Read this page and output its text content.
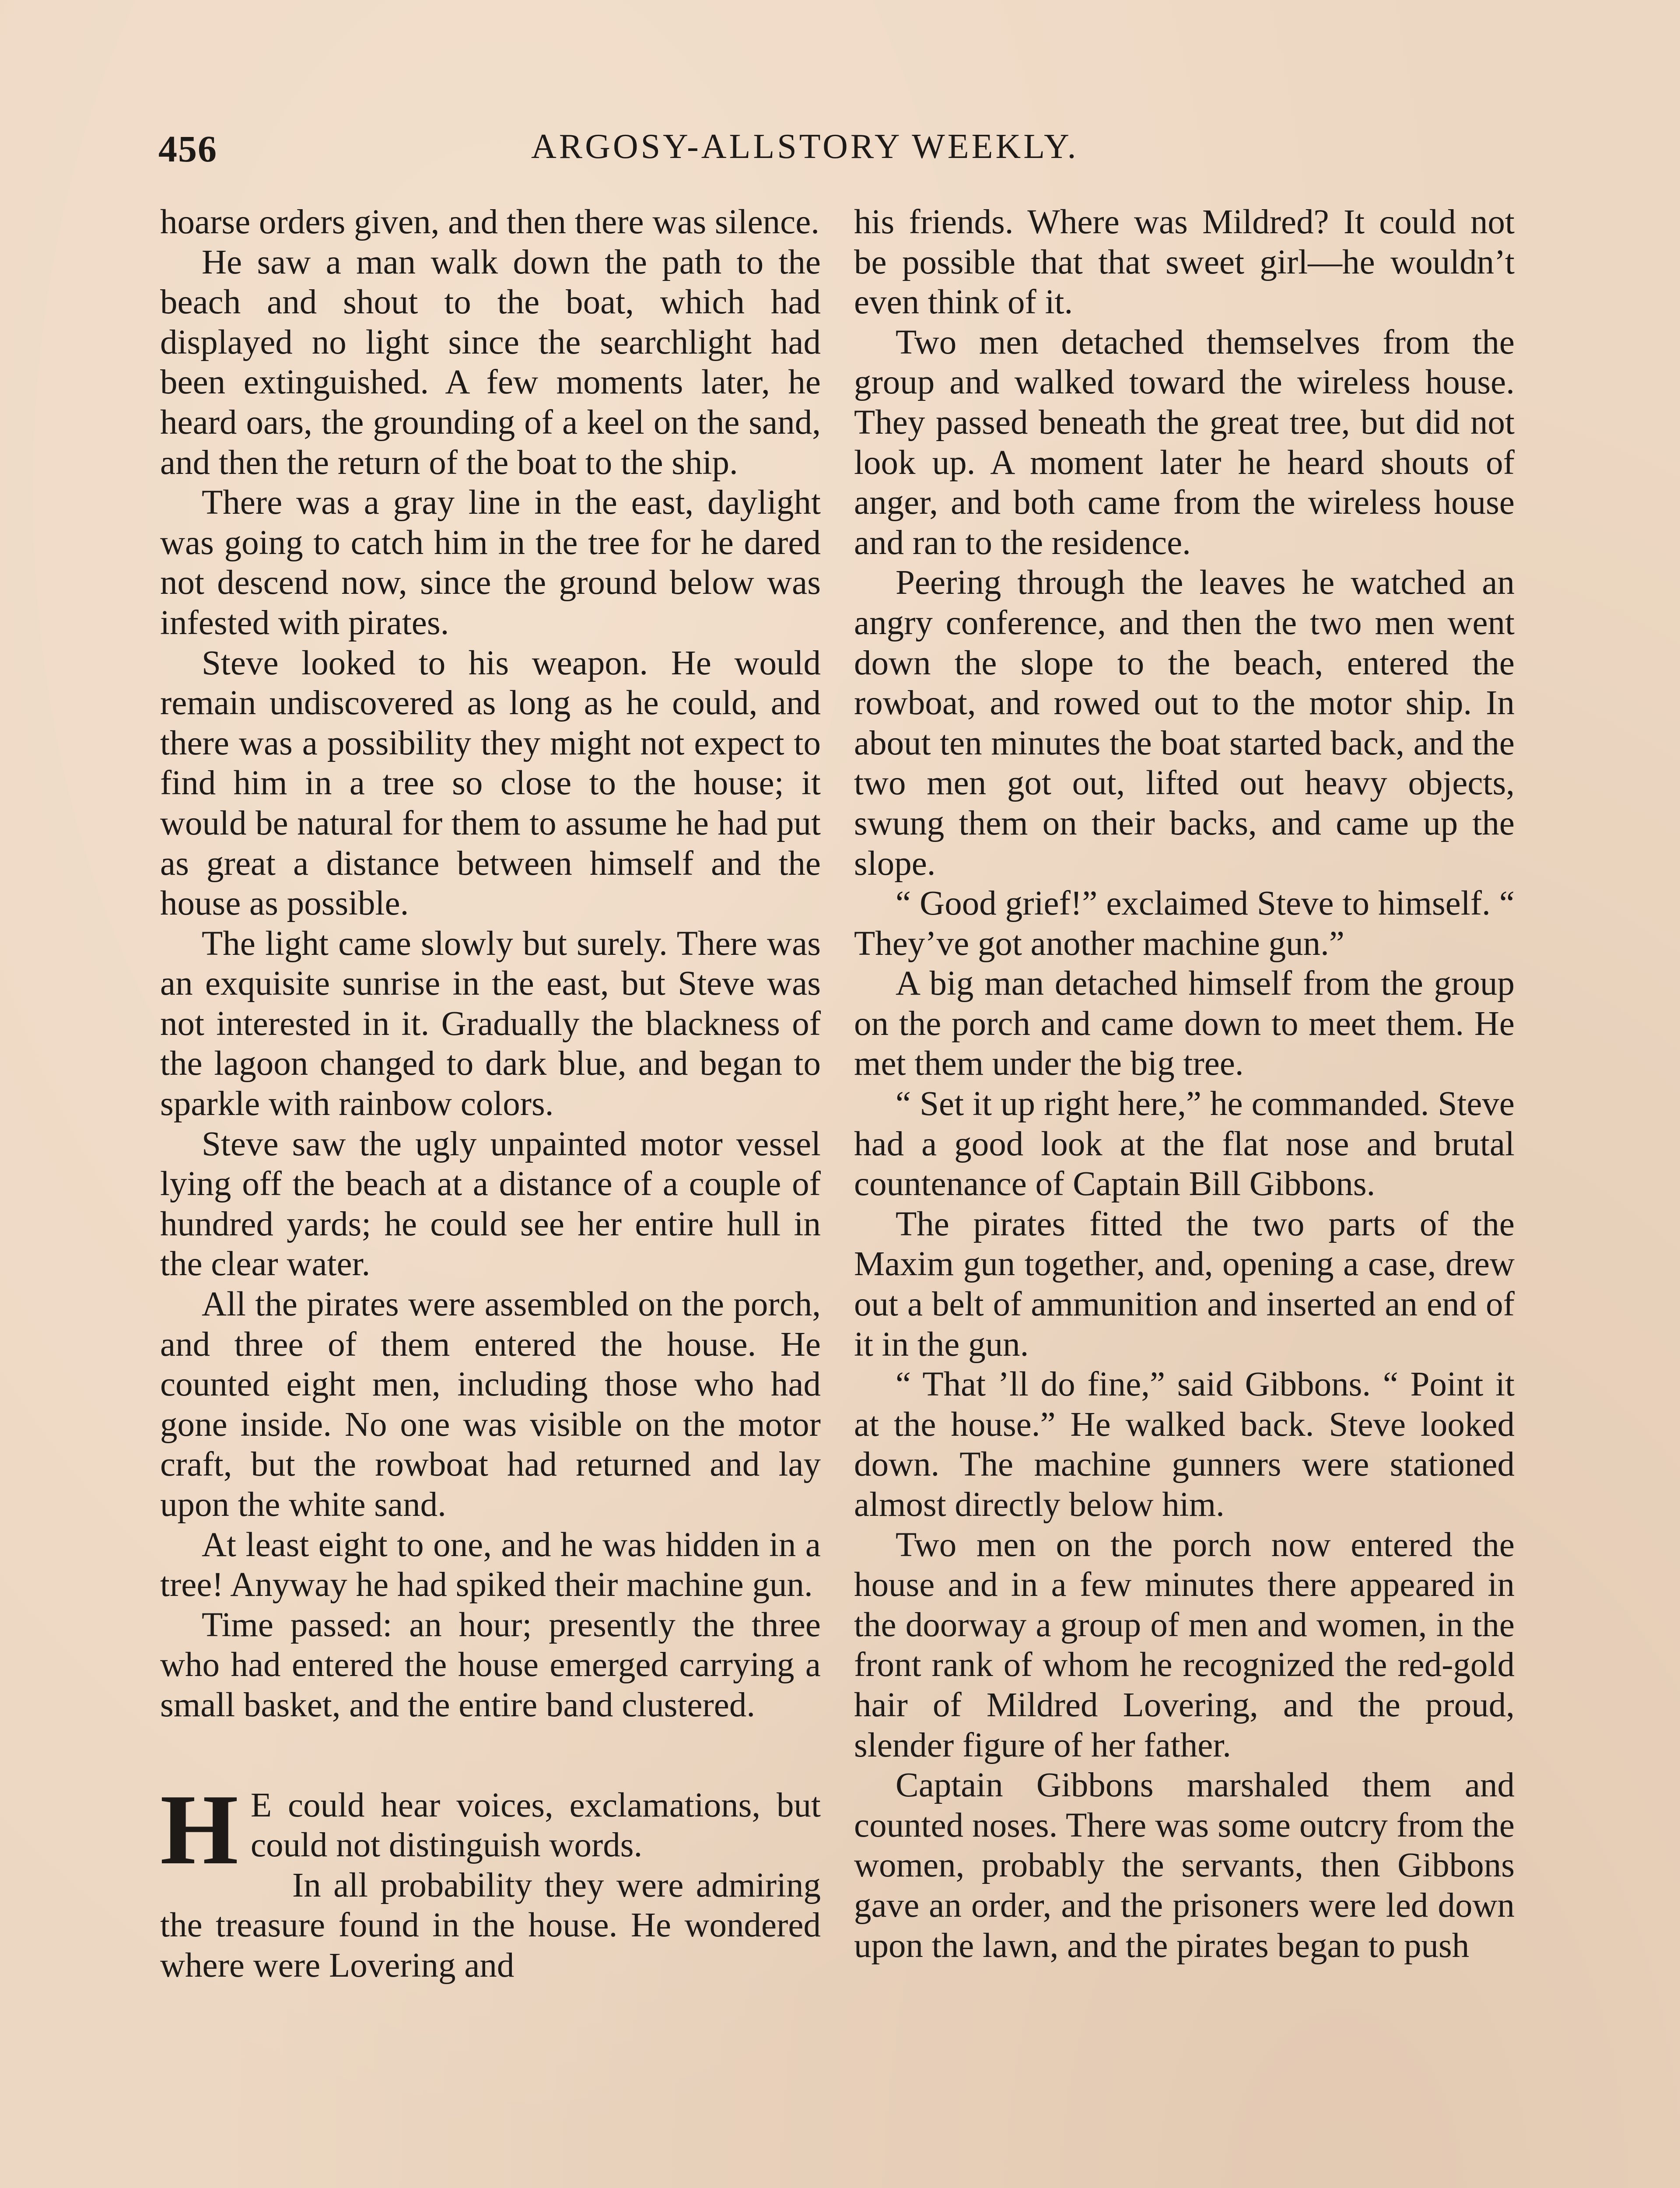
456	ARGOSY-ALLSTORY WEEKLY.

hoarse orders given, and then there was silence.

He saw a man walk down the path to the beach and shout to the boat, which had displayed no light since the searchlight had been extinguished. A few moments later, he heard oars, the grounding of a keel on the sand, and then the return of the boat to the ship.

There was a gray line in the east, daylight was going to catch him in the tree for he dared not descend now, since the ground below was infested with pirates.

Steve looked to his weapon. He would remain undiscovered as long as he could, and there was a possibility they might not expect to find him in a tree so close to the house; it would be natural for them to assume he had put as great a distance between himself and the house as possible.

The light came slowly but surely. There was an exquisite sunrise in the east, but Steve was not interested in it. Gradually the blackness of the lagoon changed to dark blue, and began to sparkle with rainbow colors.

Steve saw the ugly unpainted motor vessel lying off the beach at a distance of a couple of hundred yards; he could see her entire hull in the clear water.

All the pirates were assembled on the porch, and three of them entered the house. He counted eight men, including those who had gone inside. No one was visible on the motor craft, but the rowboat had returned and lay upon the white sand.

At least eight to one, and he was hidden in a tree! Anyway he had spiked their machine gun.

Time passed: an hour; presently the three who had entered the house emerged carrying a small basket, and the entire band clustered.

H E could hear voices, exclamations, but could not distinguish words.

In all probability they were admiring the treasure found in the house. He wondered where were Lovering and

his friends. Where was Mildred? It could not be possible that that sweet girl—he wouldn’t even think of it.

Two men detached themselves from the group and walked toward the wireless house. They passed beneath the great tree, but did not look up. A moment later he heard shouts of anger, and both came from the wireless house and ran to the residence.

Peering through the leaves he watched an angry conference, and then the two men went down the slope to the beach, entered the rowboat, and rowed out to the motor ship. In about ten minutes the boat started back, and the two men got out, lifted out heavy objects, swung them on their backs, and came up the slope.

“ Good grief!” exclaimed Steve to himself. “ They’ve got another machine gun.”

A big man detached himself from the group on the porch and came down to meet them. He met them under the big tree.

“ Set it up right here,” he commanded. Steve had a good look at the flat nose and brutal countenance of Captain Bill Gibbons.

The pirates fitted the two parts of the Maxim gun together, and, opening a case, drew out a belt of ammunition and inserted an end of it in the gun.

“ That ’ll do fine,” said Gibbons. “ Point it at the house.” He walked back. Steve looked down. The machine gunners were stationed almost directly below him.

Two men on the porch now entered the house and in a few minutes there appeared in the doorway a group of men and women, in the front rank of whom he recognized the red-gold hair of Mildred Lovering, and the proud, slender figure of her father.

Captain Gibbons marshaled them and counted noses. There was some outcry from the women, probably the servants, then Gibbons gave an order, and the prisoners were led down upon the lawn, and the pirates began to push
